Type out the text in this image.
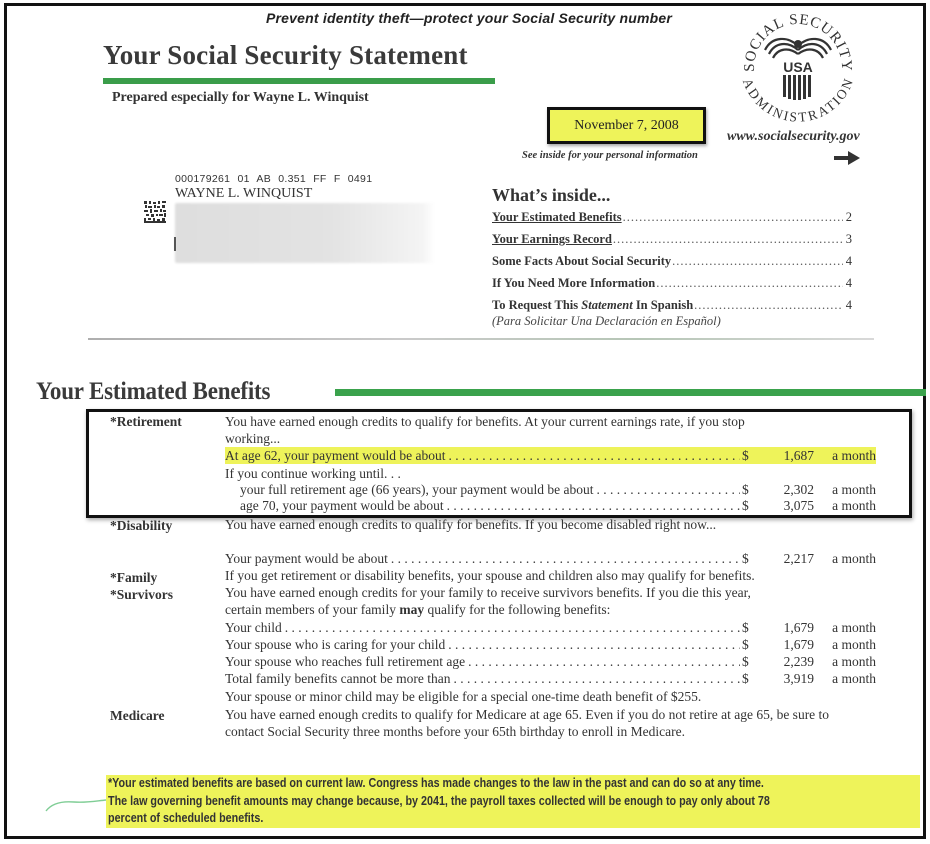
Prevent identity theft—protect your Social Security number
Your Social Security Statement
Prepared especially for Wayne L. Winquist
November 7, 2008
See inside for your personal information
SOCIAL SECURITY
ADMINISTRATION
USA
www.socialsecurity.gov
000179261 01 AB 0.351 FF F 0491
WAYNE L. WINQUIST	What’s inside...
Your Estimated Benefits .....	2
Your Earnings Record .....	3
Some Facts About Social Security .....	4
If You Need More Information .....	4
To Request This Statement In Spanish .....	4
(Para Solicitar Una Declaración en Español)
Your Estimated Benefits
*Retirement	You have earned enough credits to qualify for benefits. At your current earnings rate, if you stop
working...
At age 62, your payment would be about . . .	$	1,687	a month
If you continue working until. . .
your full retirement age (66 years), your payment would be about . . .	$	2,302	a month
age 70, your payment would be about . . .	$	3,075	a month
*Disability	You have earned enough credits to qualify for benefits. If you become disabled right now...
Your payment would be about . . .	$	2,217	a month
*Family	If you get retirement or disability benefits, your spouse and children also may qualify for benefits.
*Survivors	You have earned enough credits for your family to receive survivors benefits. If you die this year,
certain members of your family may qualify for the following benefits:
Your child . . .	$	1,679	a month
Your spouse who is caring for your child . . .	$	1,679	a month
Your spouse who reaches full retirement age . . .	$	2,239	a month
Total family benefits cannot be more than . . .	$	3,919	a month
Your spouse or minor child may be eligible for a special one-time death benefit of $255.
Medicare	You have earned enough credits to qualify for Medicare at age 65. Even if you do not retire at age 65, be sure to
contact Social Security three months before your 65th birthday to enroll in Medicare.
*Your estimated benefits are based on current law. Congress has made changes to the law in the past and can do so at any time.
The law governing benefit amounts may change because, by 2041, the payroll taxes collected will be enough to pay only about 78
percent of scheduled benefits.
